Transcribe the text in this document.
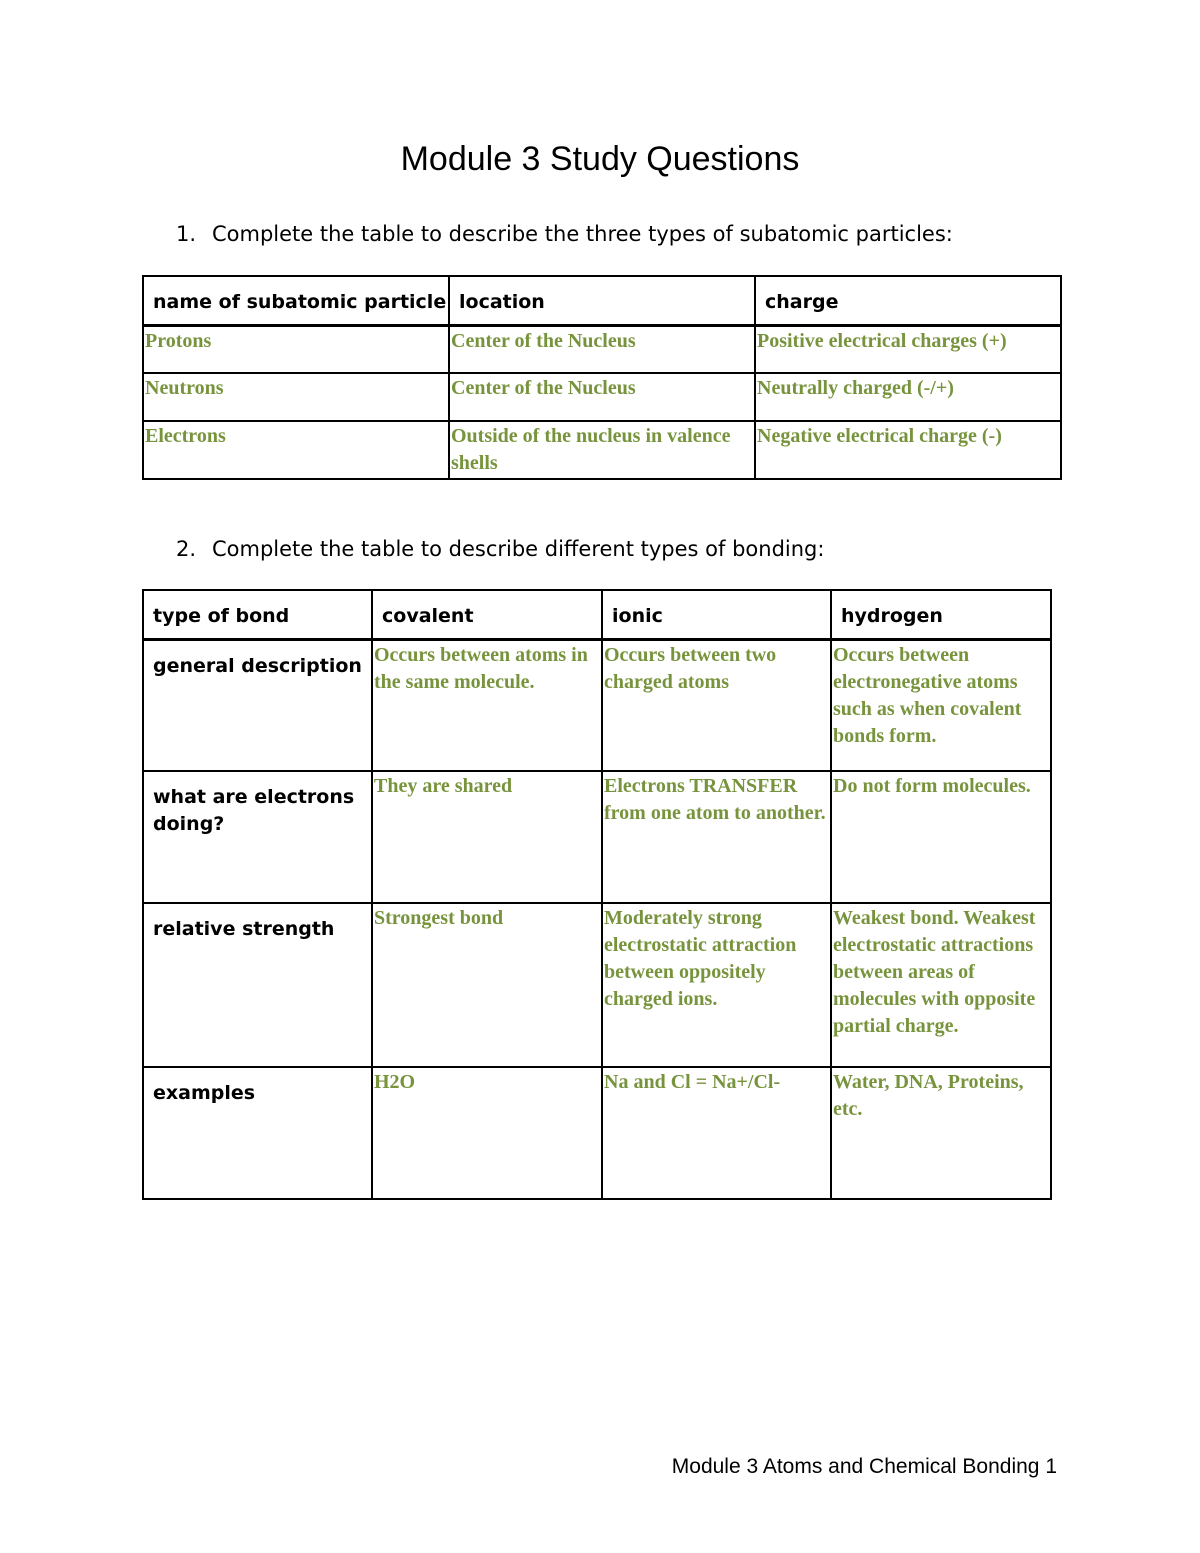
Module 3 Study Questions
1. Complete the table to describe the three types of subatomic particles:
name of subatomic particle	location	charge
Protons	Center of the Nucleus	Positive electrical charges (+)
Neutrons	Center of the Nucleus	Neutrally charged (-/+)
Electrons	Outside of the nucleus in valence shells	Negative electrical charge (-)
2. Complete the table to describe different types of bonding:
type of bond	covalent	ionic	hydrogen
general description	Occurs between atoms in the same molecule.	Occurs between two charged atoms	Occurs between electronegative atoms such as when covalent bonds form.
what are electrons doing?	They are shared	Electrons TRANSFER from one atom to another.	Do not form molecules.
relative strength	Strongest bond	Moderately strong electrostatic attraction between oppositely charged ions.	Weakest bond. Weakest electrostatic attractions between areas of molecules with opposite partial charge.
examples	H2O	Na and Cl = Na+/Cl-	Water, DNA, Proteins, etc.
Module 3 Atoms and Chemical Bonding 1
